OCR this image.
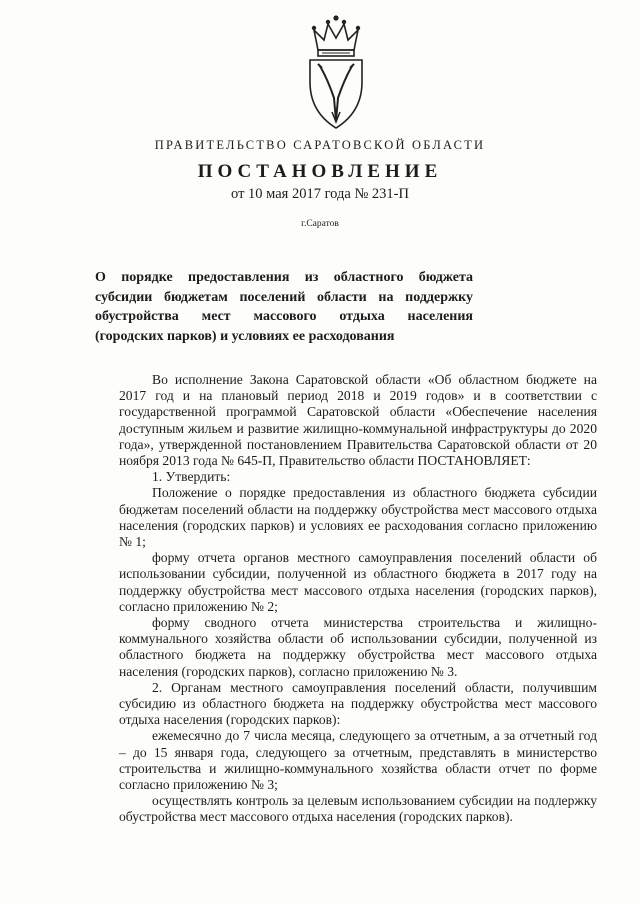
ПРАВИТЕЛЬСТВО САРАТОВСКОЙ ОБЛАСТИ
ПОСТАНОВЛЕНИЕ
от 10 мая 2017 года № 231-П
г.Саратов
О порядке предоставления из областного бюджета
субсидии бюджетам поселений области на поддержку
обустройства мест массового отдыха населения
(городских парков) и условиях ее расходования

Во исполнение Закона Саратовской области «Об областном бюджете на 2017 год и на плановый период 2018 и 2019 годов» и в соответствии с государственной программой Саратовской области «Обеспечение населения доступным жильем и развитие жилищно-коммунальной инфраструктуры до 2020 года», утвержденной постановлением Правительства Саратовской области от 20 ноября 2013 года № 645-П, Правительство области ПОСТАНОВЛЯЕТ:

1. Утвердить:

Положение о порядке предоставления из областного бюджета субсидии бюджетам поселений области на поддержку обустройства мест массового отдыха населения (городских парков) и условиях ее расходования согласно приложению № 1;

форму отчета органов местного самоуправления поселений области об использовании субсидии, полученной из областного бюджета в 2017 году на поддержку обустройства мест массового отдыха населения (городских парков), согласно приложению № 2;

форму сводного отчета министерства строительства и жилищно-коммунального хозяйства области об использовании субсидии, полученной из областного бюджета на поддержку обустройства мест массового отдыха населения (городских парков), согласно приложению № 3.

2. Органам местного самоуправления поселений области, получившим субсидию из областного бюджета на поддержку обустройства мест массового отдыха населения (городских парков):

ежемесячно до 7 числа месяца, следующего за отчетным, а за отчетный год – до 15 января года, следующего за отчетным, представлять в министерство строительства и жилищно-коммунального хозяйства области отчет по форме согласно приложению № 3;

осуществлять контроль за целевым использованием субсидии на подлержку обустройства мест массового отдыха населения (городских парков).
